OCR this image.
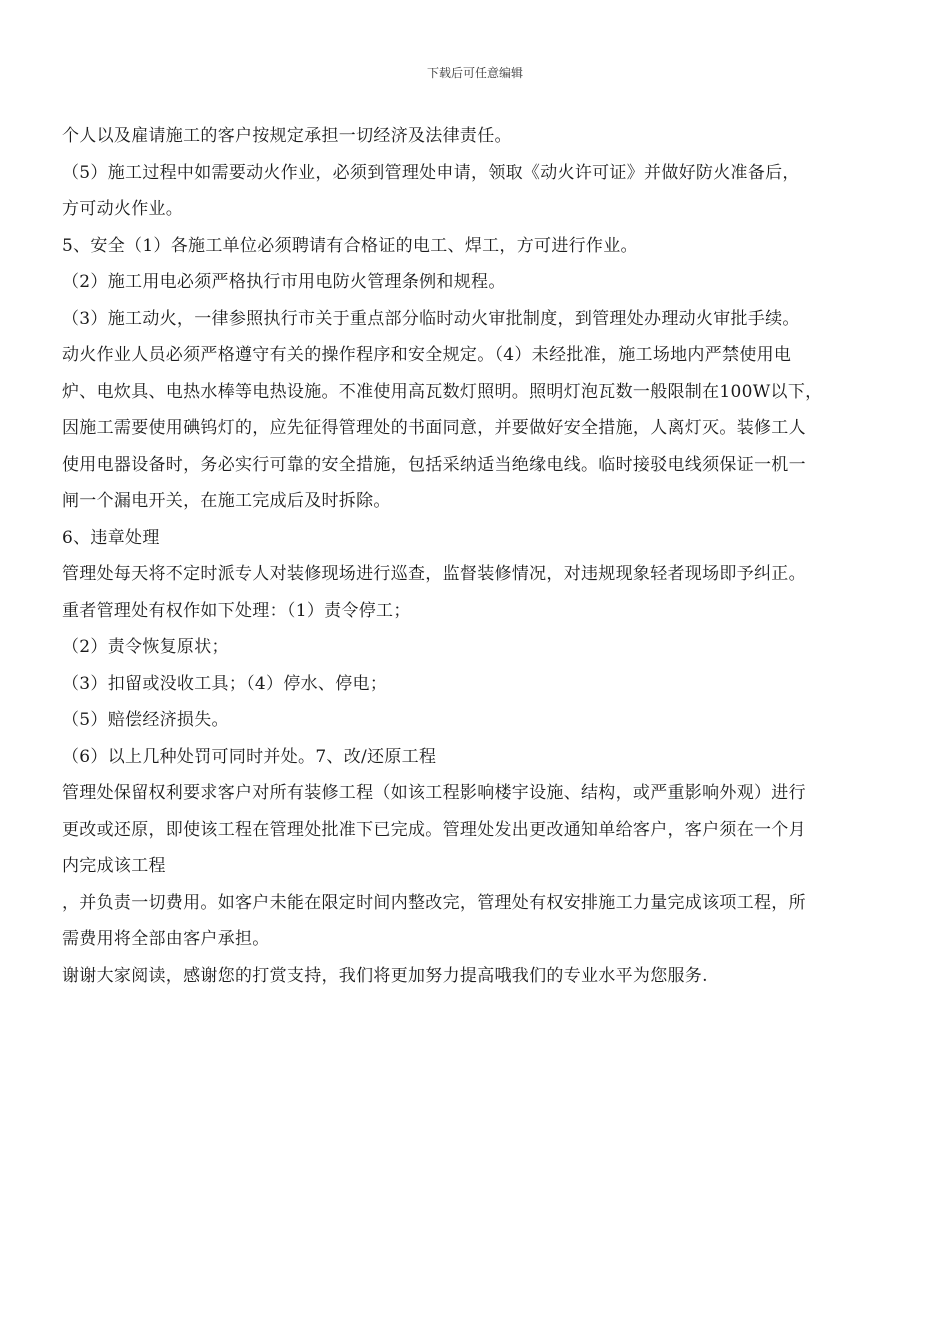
下载后可任意编辑
个人以及雇请施工的客户按规定承担一切经济及法律责任。
（5）施工过程中如需要动火作业，必须到管理处申请，领取《动火许可证》并做好防火准备后，
方可动火作业。
5、安全（1）各施工单位必须聘请有合格证的电工、焊工，方可进行作业。
（2）施工用电必须严格执行市用电防火管理条例和规程。
（3）施工动火，一律参照执行市关于重点部分临时动火审批制度，到管理处办理动火审批手续。
动火作业人员必须严格遵守有关的操作程序和安全规定。（4）未经批准，施工场地内严禁使用电
炉、电炊具、电热水棒等电热设施。不准使用高瓦数灯照明。照明灯泡瓦数一般限制在100W以下，
因施工需要使用碘钨灯的，应先征得管理处的书面同意，并要做好安全措施，人离灯灭。装修工人
使用电器设备时，务必实行可靠的安全措施，包括采纳适当绝缘电线。临时接驳电线须保证一机一
闸一个漏电开关，在施工完成后及时拆除。
6、违章处理
管理处每天将不定时派专人对装修现场进行巡查，监督装修情况，对违规现象轻者现场即予纠正。
重者管理处有权作如下处理：（1）责令停工；
（2）责令恢复原状；
（3）扣留或没收工具；（4）停水、停电；
（5）赔偿经济损失。
（6）以上几种处罚可同时并处。7、改/还原工程
管理处保留权利要求客户对所有装修工程（如该工程影响楼宇设施、结构，或严重影响外观）进行
更改或还原，即使该工程在管理处批准下已完成。管理处发出更改通知单给客户，客户须在一个月
内完成该工程
，并负责一切费用。如客户未能在限定时间内整改完，管理处有权安排施工力量完成该项工程，所
需费用将全部由客户承担。
谢谢大家阅读，感谢您的打赏支持，我们将更加努力提高哦我们的专业水平为您服务.
